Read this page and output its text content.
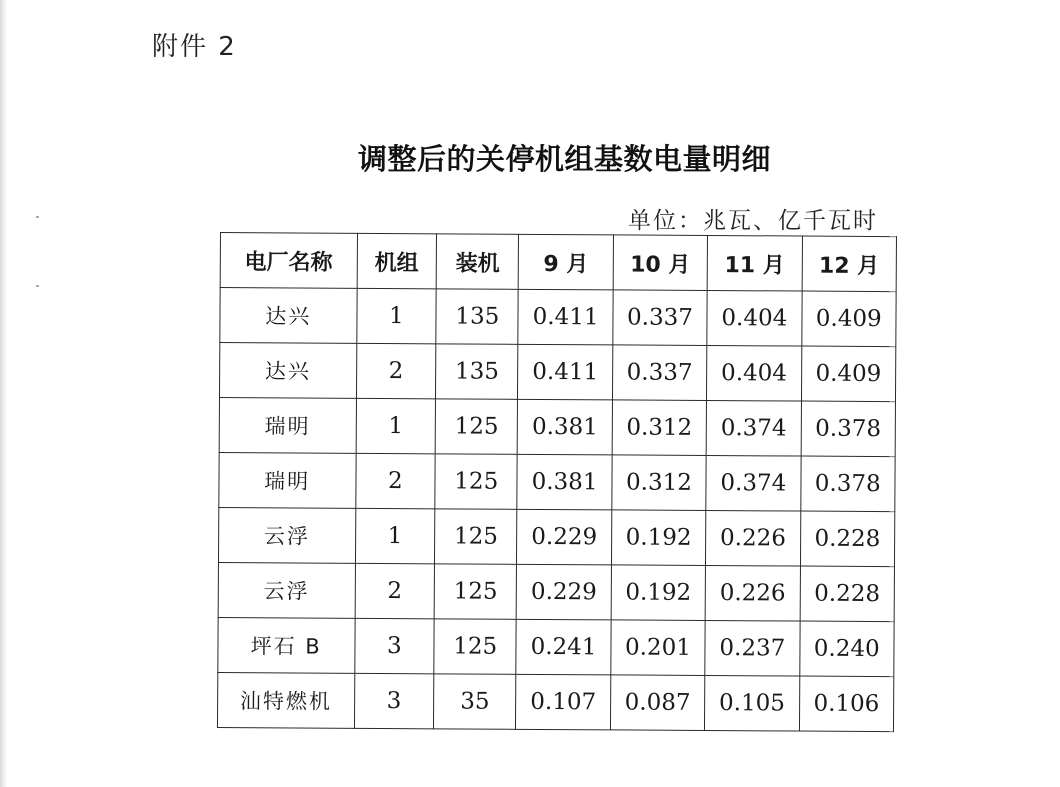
附件 2
调整后的关停机组基数电量明细
单位：兆瓦、亿千瓦时
电厂名称	机组	装机	9 月	10 月	11 月	12 月
达兴	1	135	0.411	0.337	0.404	0.409
达兴	2	135	0.411	0.337	0.404	0.409
瑞明	1	125	0.381	0.312	0.374	0.378
瑞明	2	125	0.381	0.312	0.374	0.378
云浮	1	125	0.229	0.192	0.226	0.228
云浮	2	125	0.229	0.192	0.226	0.228
坪石 B	3	125	0.241	0.201	0.237	0.240
汕特燃机	3	35	0.107	0.087	0.105	0.106
